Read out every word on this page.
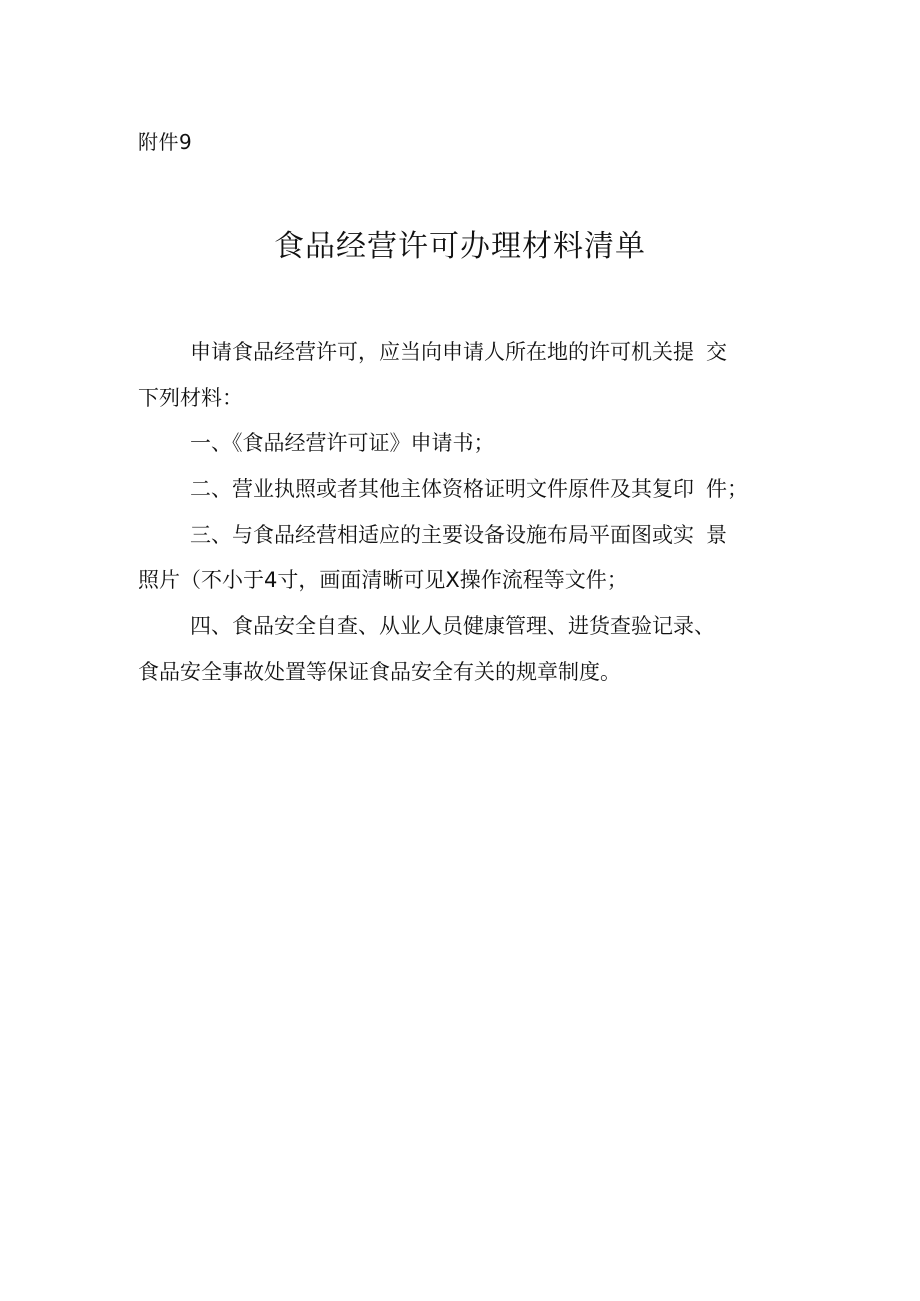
附件9
食品经营许可办理材料清单
申请食品经营许可，应当向申请人所在地的许可机关提 交
下列材料：
一、《食品经营许可证》申请书；
二、营业执照或者其他主体资格证明文件原件及其复印 件；
三、与食品经营相适应的主要设备设施布局平面图或实 景
照片（不小于4寸，画面清晰可见X操作流程等文件；
四、食品安全自查、从业人员健康管理、进货查验记录、
食品安全事故处置等保证食品安全有关的规章制度。
